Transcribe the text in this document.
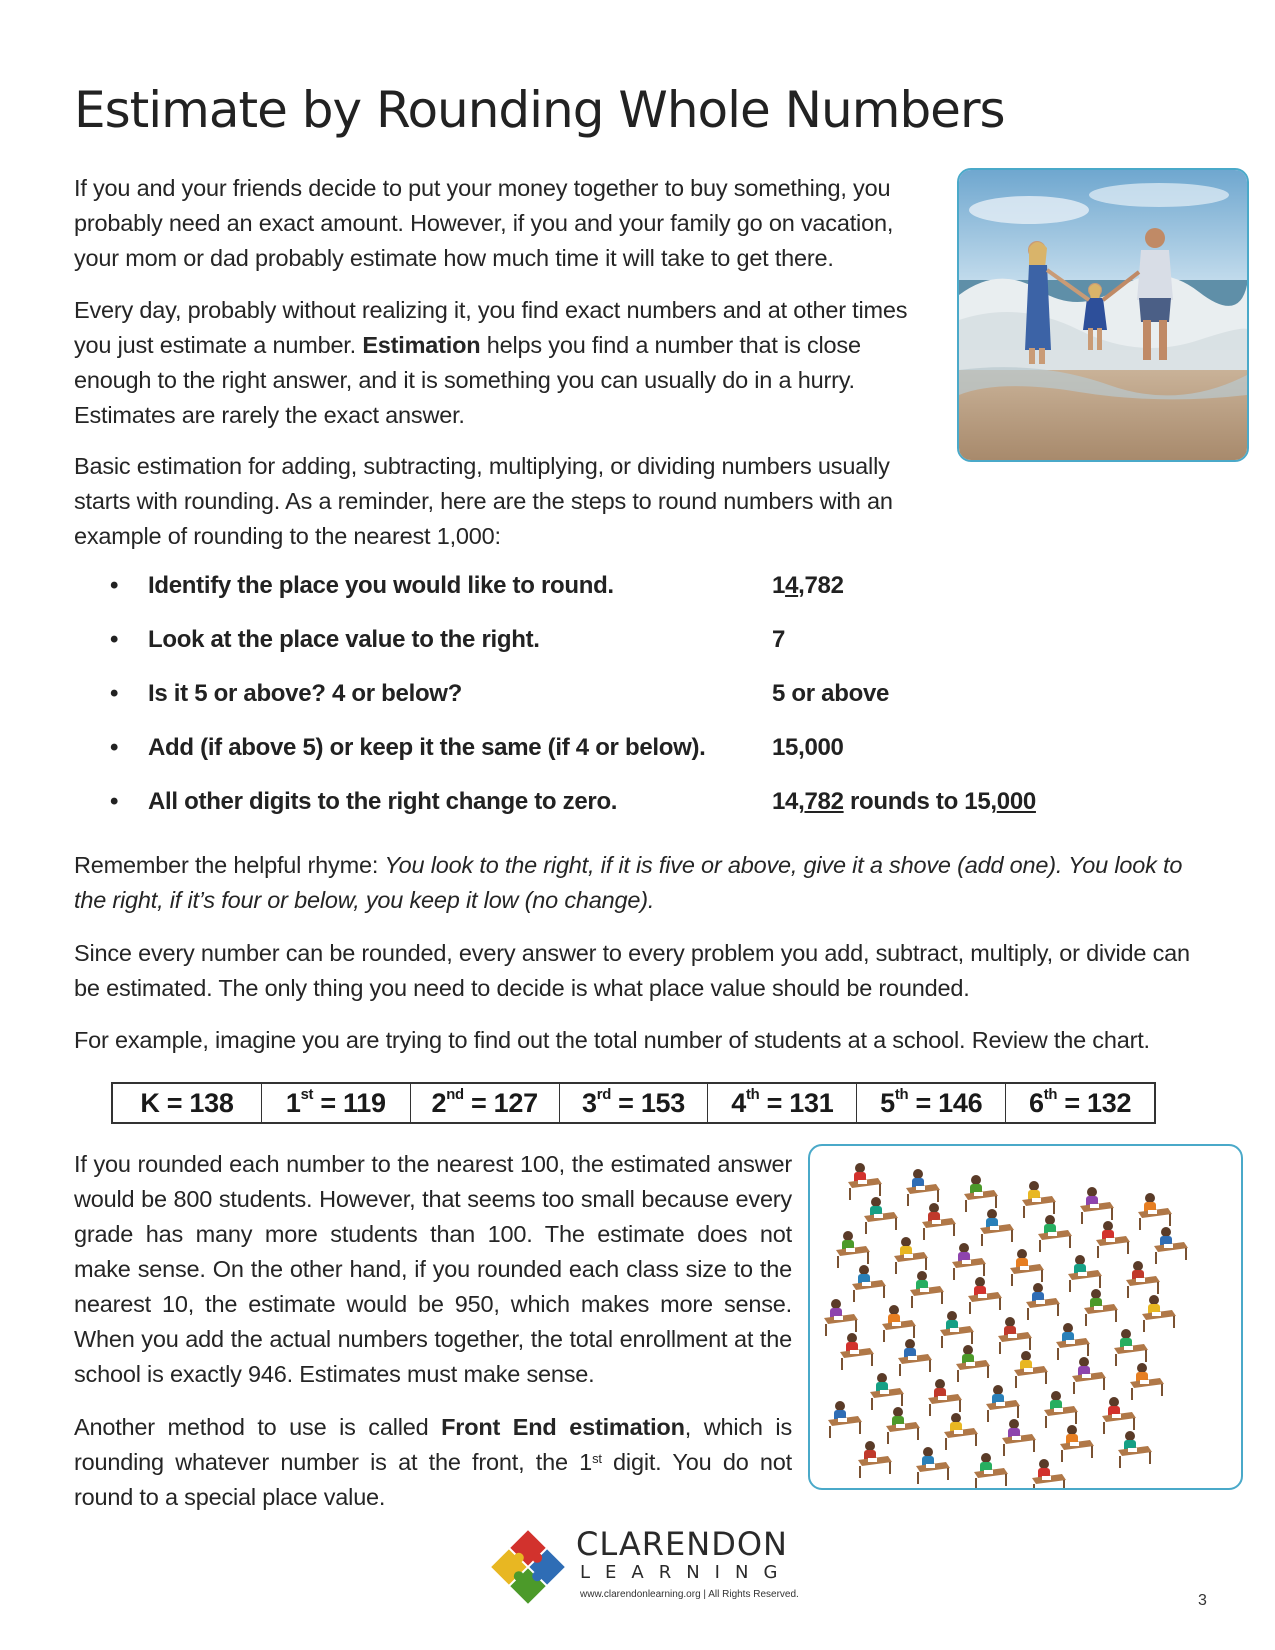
Estimate by Rounding Whole Numbers

If you and your friends decide to put your money together to buy something, you probably need an exact amount. However, if you and your family go on vacation, your mom or dad probably estimate how much time it will take to get there.

Every day, probably without realizing it, you find exact numbers and at other times you just estimate a number. Estimation helps you find a number that is close enough to the right answer, and it is something you can usually do in a hurry. Estimates are rarely the exact answer.

Basic estimation for adding, subtracting, multiplying, or dividing numbers usually starts with rounding. As a reminder, here are the steps to round numbers with an example of rounding to the nearest 1,000:

• Identify the place you would like to round.	14,782
• Look at the place value to the right.	7
• Is it 5 or above? 4 or below?	5 or above
• Add (if above 5) or keep it the same (if 4 or below).	15,000
• All other digits to the right change to zero.	14,782 rounds to 15,000

Remember the helpful rhyme: You look to the right, if it is five or above, give it a shove (add one). You look to the right, if it’s four or below, you keep it low (no change).

Since every number can be rounded, every answer to every problem you add, subtract, multiply, or divide can be estimated. The only thing you need to decide is what place value should be rounded.

For example, imagine you are trying to find out the total number of students at a school. Review the chart.

K = 138 1st = 119 2nd = 127 3rd = 153 4th = 131 5th = 146 6th = 132

If you rounded each number to the nearest 100, the estimated answer would be 800 students. However, that seems too small because every grade has many more students than 100. The estimate does not make sense. On the other hand, if you rounded each class size to the nearest 10, the estimate would be 950, which makes more sense. When you add the actual numbers together, the total enrollment at the school is exactly 946. Estimates must make sense.

Another method to use is called Front End estimation, which is rounding whatever number is at the front, the 1st digit. You do not round to a special place value.

CLARENDON
LEARNING
www.clarendonlearning.org | All Rights Reserved.	3
